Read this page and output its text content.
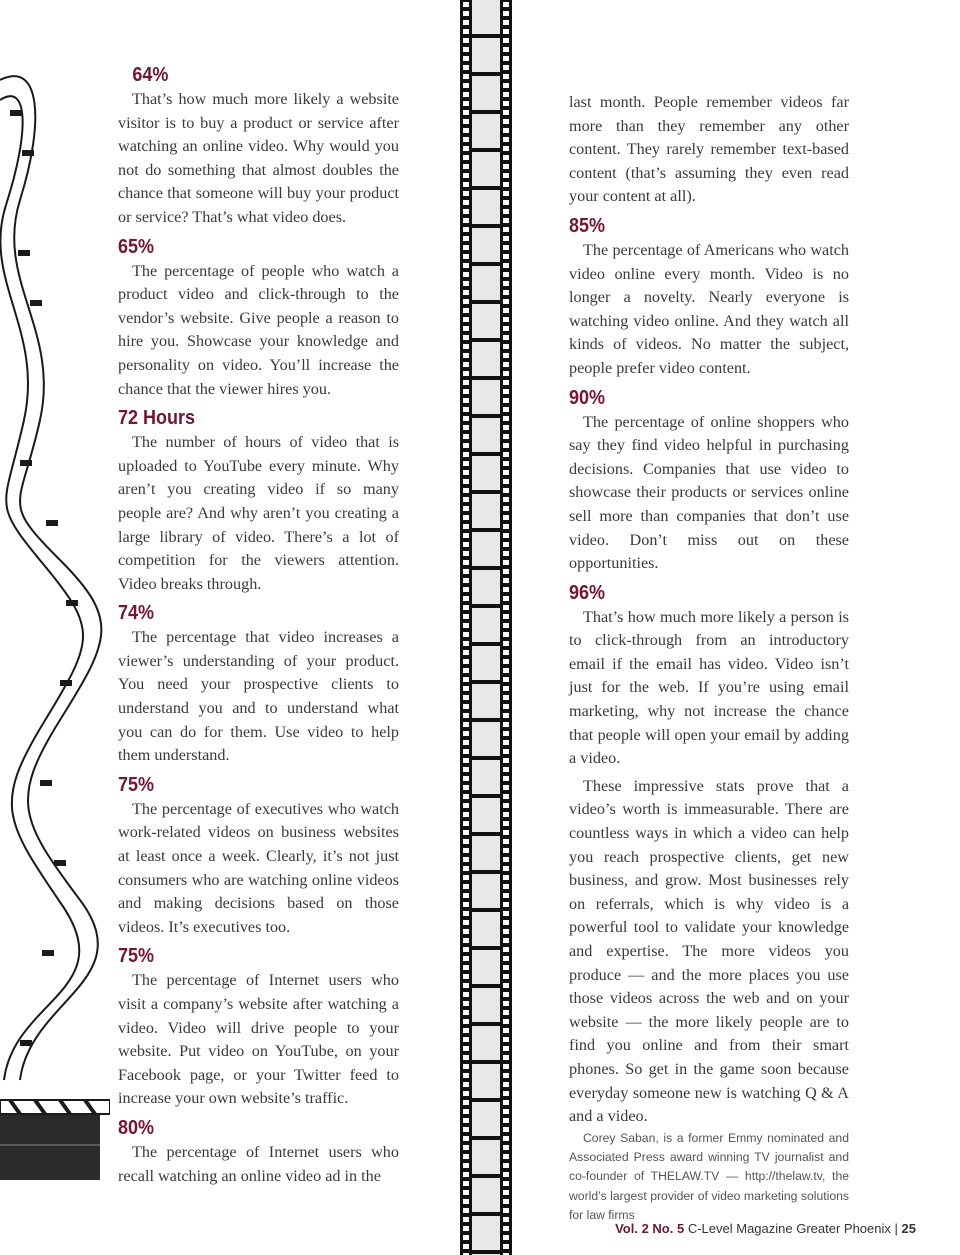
64%

That’s how much more likely a website visitor is to buy a product or service after watching an online video. Why would you not do something that almost doubles the chance that someone will buy your product or service? That’s what video does.

65%

The percentage of people who watch a product video and click-through to the vendor’s website. Give people a reason to hire you. Showcase your knowledge and personality on video. You’ll increase the chance that the viewer hires you.

72 Hours

The number of hours of video that is uploaded to YouTube every minute. Why aren’t you creating video if so many people are? And why aren’t you creating a large library of video. There’s a lot of competition for the viewers attention. Video breaks through.

74%

The percentage that video increases a viewer’s understanding of your product. You need your prospective clients to understand you and to understand what you can do for them. Use video to help them understand.

75%

The percentage of executives who watch work-related videos on business websites at least once a week. Clearly, it’s not just consumers who are watching online videos and making decisions based on those videos. It’s executives too.

75%

The percentage of Internet users who visit a company’s website after watching a video. Video will drive people to your website. Put video on YouTube, on your Facebook page, or your Twitter feed to increase your own website’s traffic.

80%

The percentage of Internet users who recall watching an online video ad in the

last month. People remember videos far more than they remember any other content. They rarely remember text-based content (that’s assuming they even read your content at all).

85%

The percentage of Americans who watch video online every month. Video is no longer a novelty. Nearly everyone is watching video online. And they watch all kinds of videos. No matter the subject, people prefer video content.

90%

The percentage of online shoppers who say they find video helpful in purchasing decisions. Companies that use video to showcase their products or services online sell more than companies that don’t use video. Don’t miss out on these opportunities.

96%

That’s how much more likely a person is to click-through from an introductory email if the email has video. Video isn’t just for the web. If you’re using email marketing, why not increase the chance that people will open your email by adding a video.

These impressive stats prove that a video’s worth is immeasurable. There are countless ways in which a video can help you reach prospective clients, get new business, and grow. Most businesses rely on referrals, which is why video is a powerful tool to validate your knowledge and expertise. The more videos you produce — and the more places you use those videos across the web and on your website — the more likely people are to find you online and from their smart phones. So get in the game soon because everyday someone new is watching Q & A and a video.

Corey Saban, is a former Emmy nominated and Associated Press award winning TV journalist and co-founder of THELAW.TV — http://thelaw.tv, the world’s largest provider of video marketing solutions for law firms

Vol. 2 No. 5 C-Level Magazine Greater Phoenix | 25
